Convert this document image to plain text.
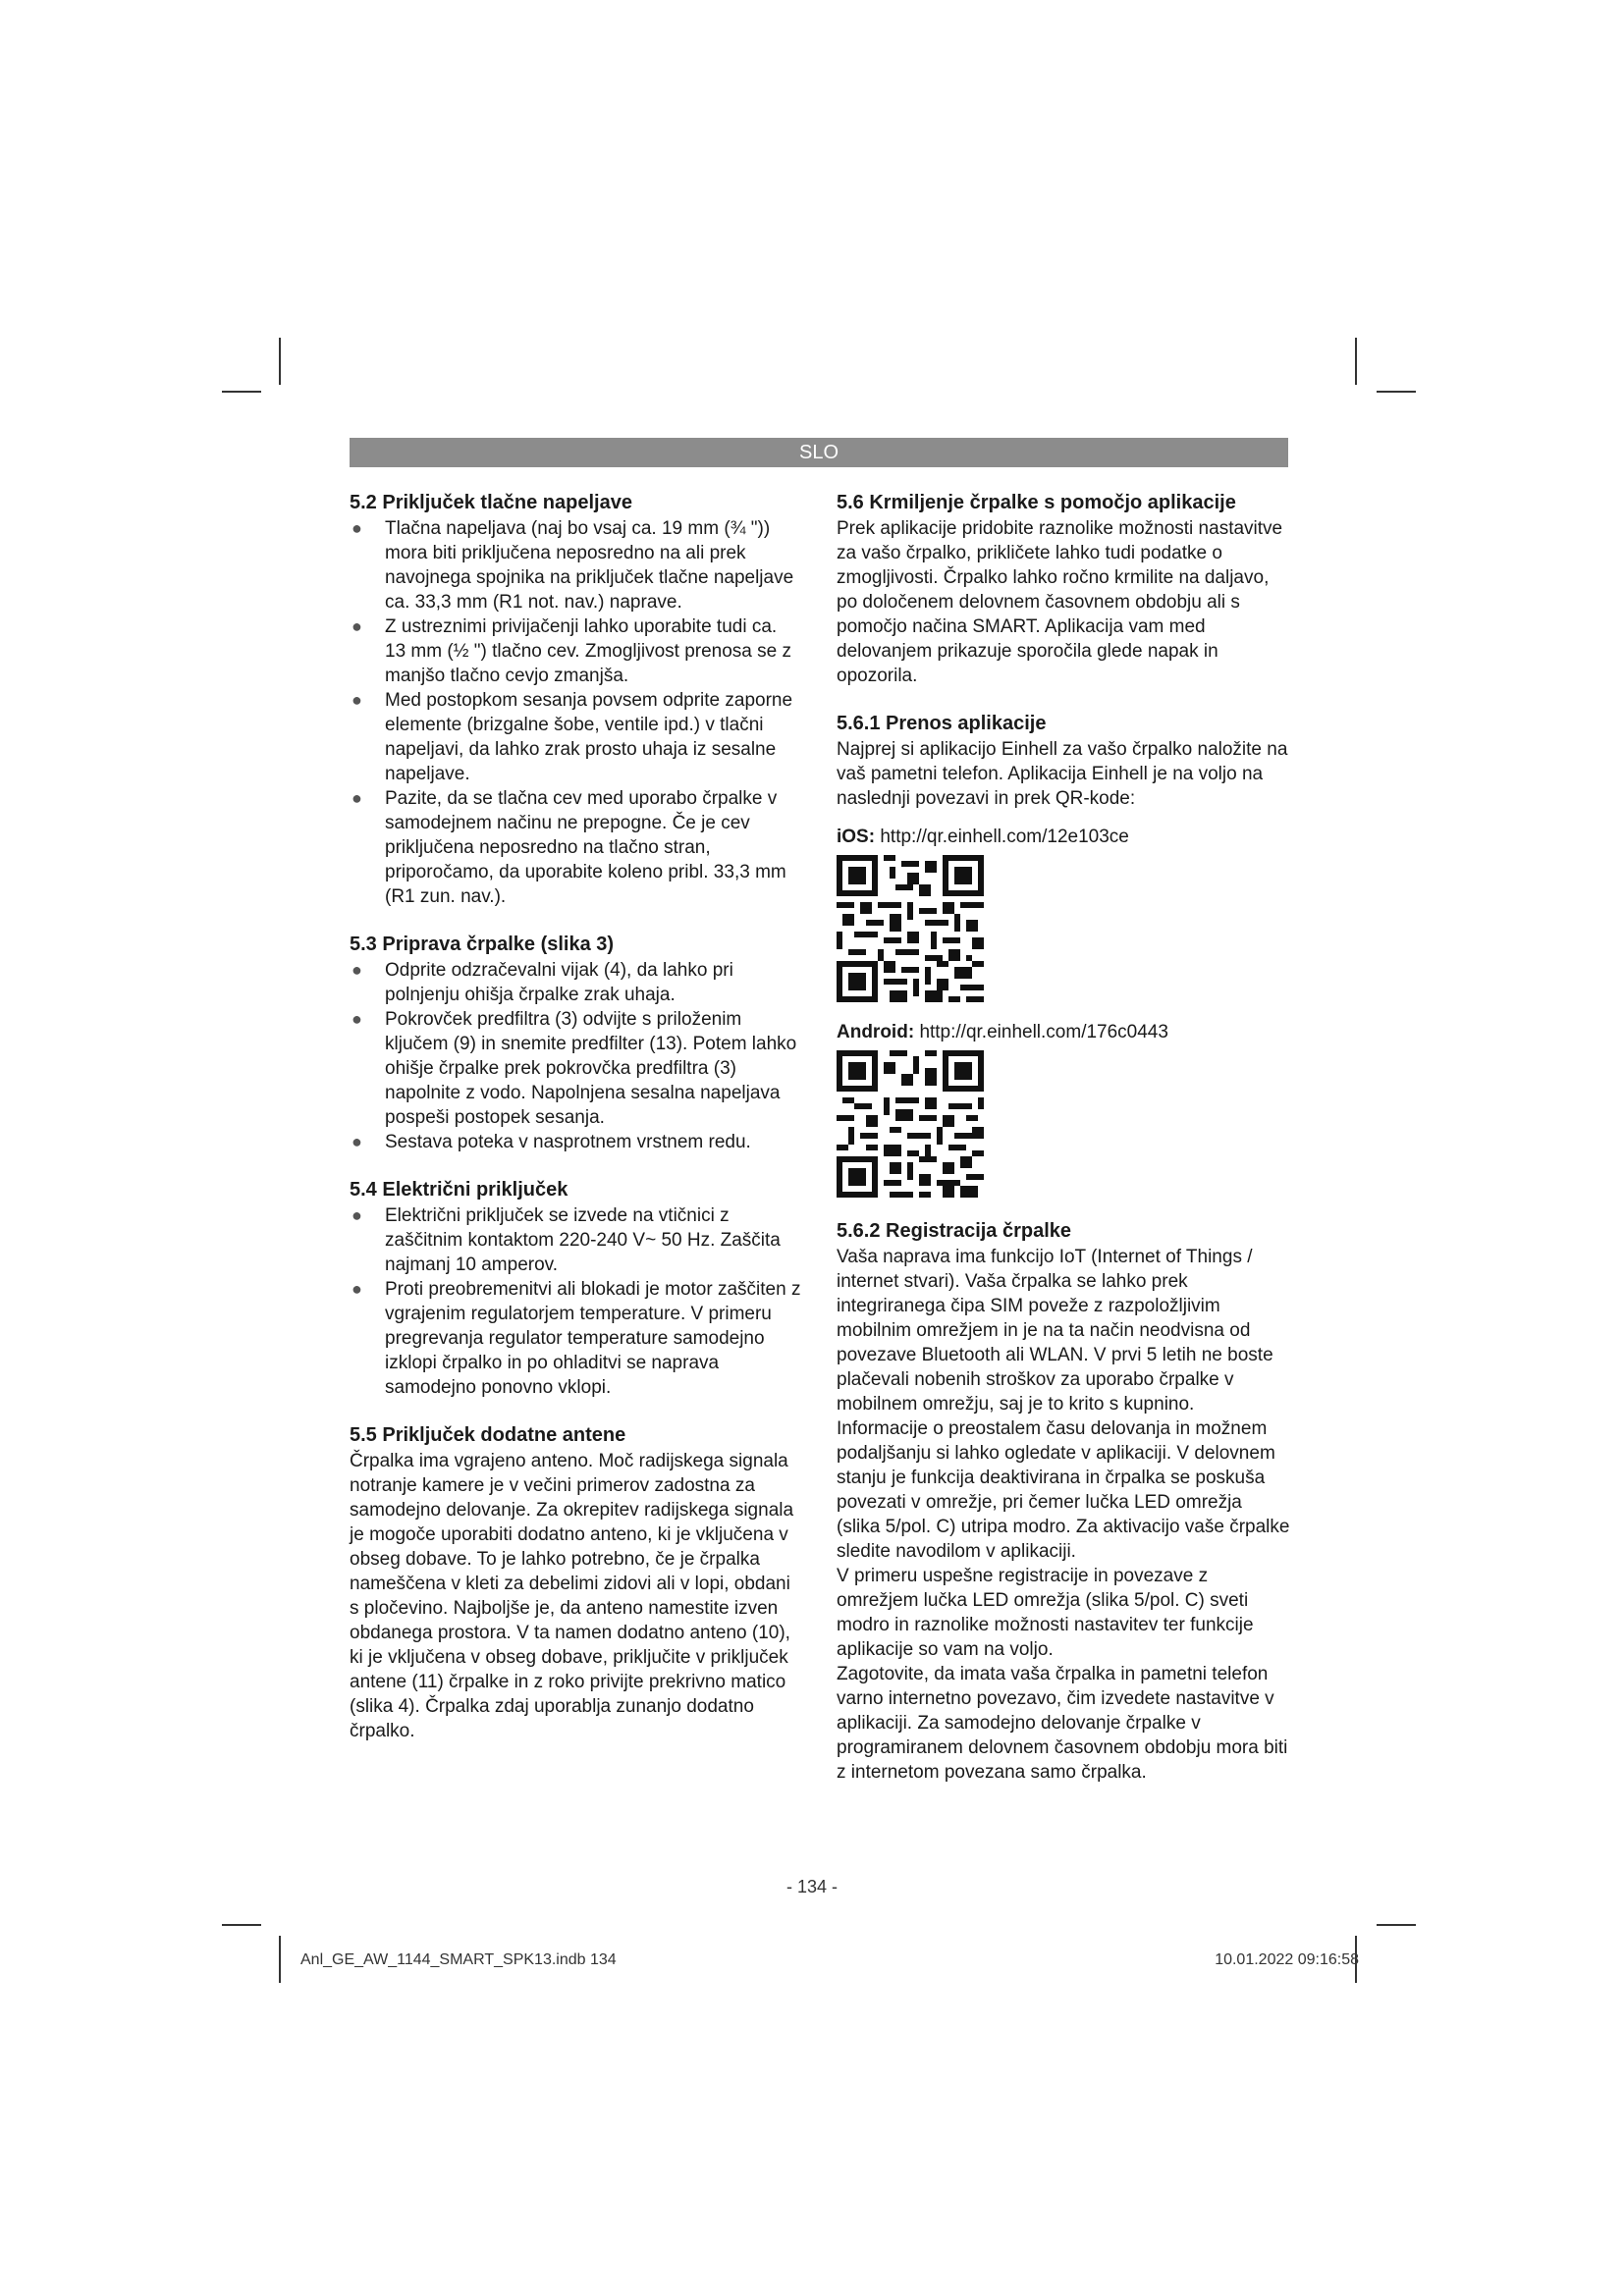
SLO
5.2 Priključek tlačne napeljave
● Tlačna napeljava (naj bo vsaj ca. 19 mm (¾ ")) mora biti priključena neposredno na ali prek navojnega spojnika na priključek tlačne napeljave ca. 33,3 mm (R1 not. nav.) naprave.
● Z ustreznimi privijačenji lahko uporabite tudi ca. 13 mm (½ ") tlačno cev. Zmogljivost prenosa se z manjšo tlačno cevjo zmanjša.
● Med postopkom sesanja povsem odprite zaporne elemente (brizgalne šobe, ventile ipd.) v tlačni napeljavi, da lahko zrak prosto uhaja iz sesalne napeljave.
● Pazite, da se tlačna cev med uporabo črpalke v samodejnem načinu ne prepogne. Če je cev priključena neposredno na tlačno stran, priporočamo, da uporabite koleno pribl. 33,3 mm (R1 zun. nav.).
5.3 Priprava črpalke (slika 3)
● Odprite odzračevalni vijak (4), da lahko pri polnjenju ohišja črpalke zrak uhaja.
● Pokrovček predfiltra (3) odvijte s priloženim ključem (9) in snemite predfilter (13). Potem lahko ohišje črpalke prek pokrovčka predfiltra (3) napolnite z vodo. Napolnjena sesalna napeljava pospeši postopek sesanja.
● Sestava poteka v nasprotnem vrstnem redu.
5.4 Električni priključek
● Električni priključek se izvede na vtičnici z zaščitnim kontaktom 220-240 V~ 50 Hz. Zaščita najmanj 10 amperov.
● Proti preobremenitvi ali blokadi je motor zaščiten z vgrajenim regulatorjem temperature. V primeru pregrevanja regulator temperature samodejno izklopi črpalko in po ohladitvi se naprava samodejno ponovno vklopi.
5.5 Priključek dodatne antene

Črpalka ima vgrajeno anteno. Moč radijskega signala notranje kamere je v večini primerov zadostna za samodejno delovanje. Za okrepitev radijskega signala je mogoče uporabiti dodatno anteno, ki je vključena v obseg dobave. To je lahko potrebno, če je črpalka nameščena v kleti za debelimi zidovi ali v lopi, obdani s pločevino. Najboljše je, da anteno namestite izven obdanega prostora. V ta namen dodatno anteno (10), ki je vključena v obseg dobave, priključite v priključek antene (11) črpalke in z roko privijte prekrivno matico (slika 4). Črpalka zdaj uporablja zunanjo dodatno črpalko.

5.6 Krmiljenje črpalke s pomočjo aplikacije

Prek aplikacije pridobite raznolike možnosti nastavitve za vašo črpalko, prikličete lahko tudi podatke o zmogljivosti. Črpalko lahko ročno krmilite na daljavo, po določenem delovnem časovnem obdobju ali s pomočjo načina SMART. Aplikacija vam med delovanjem prikazuje sporočila glede napak in opozorila.

5.6.1 Prenos aplikacije

Najprej si aplikacijo Einhell za vašo črpalko naložite na vaš pametni telefon. Aplikacija Einhell je na voljo na naslednji povezavi in prek QR-kode:

iOS: http://qr.einhell.com/12e103ce
Android: http://qr.einhell.com/176c0443
5.6.2 Registracija črpalke

Vaša naprava ima funkcijo IoT (Internet of Things / internet stvari). Vaša črpalka se lahko prek integriranega čipa SIM poveže z razpoložljivim mobilnim omrežjem in je na ta način neodvisna od povezave Bluetooth ali WLAN. V prvi 5 letih ne boste plačevali nobenih stroškov za uporabo črpalke v mobilnem omrežju, saj je to krito s kupnino. Informacije o preostalem času delovanja in možnem podaljšanju si lahko ogledate v aplikaciji. V delovnem stanju je funkcija deaktivirana in črpalka se poskuša povezati v omrežje, pri čemer lučka LED omrežja (slika 5/pol. C) utripa modro. Za aktivacijo vaše črpalke sledite navodilom v aplikaciji.

V primeru uspešne registracije in povezave z omrežjem lučka LED omrežja (slika 5/pol. C) sveti modro in raznolike možnosti nastavitev ter funkcije aplikacije so vam na voljo.

Zagotovite, da imata vaša črpalka in pametni telefon varno internetno povezavo, čim izvedete nastavitve v aplikaciji. Za samodejno delovanje črpalke v programiranem delovnem časovnem obdobju mora biti z internetom povezana samo črpalka.

- 134 -
Anl_GE_AW_1144_SMART_SPK13.indb 134	10.01.2022 09:16:58
